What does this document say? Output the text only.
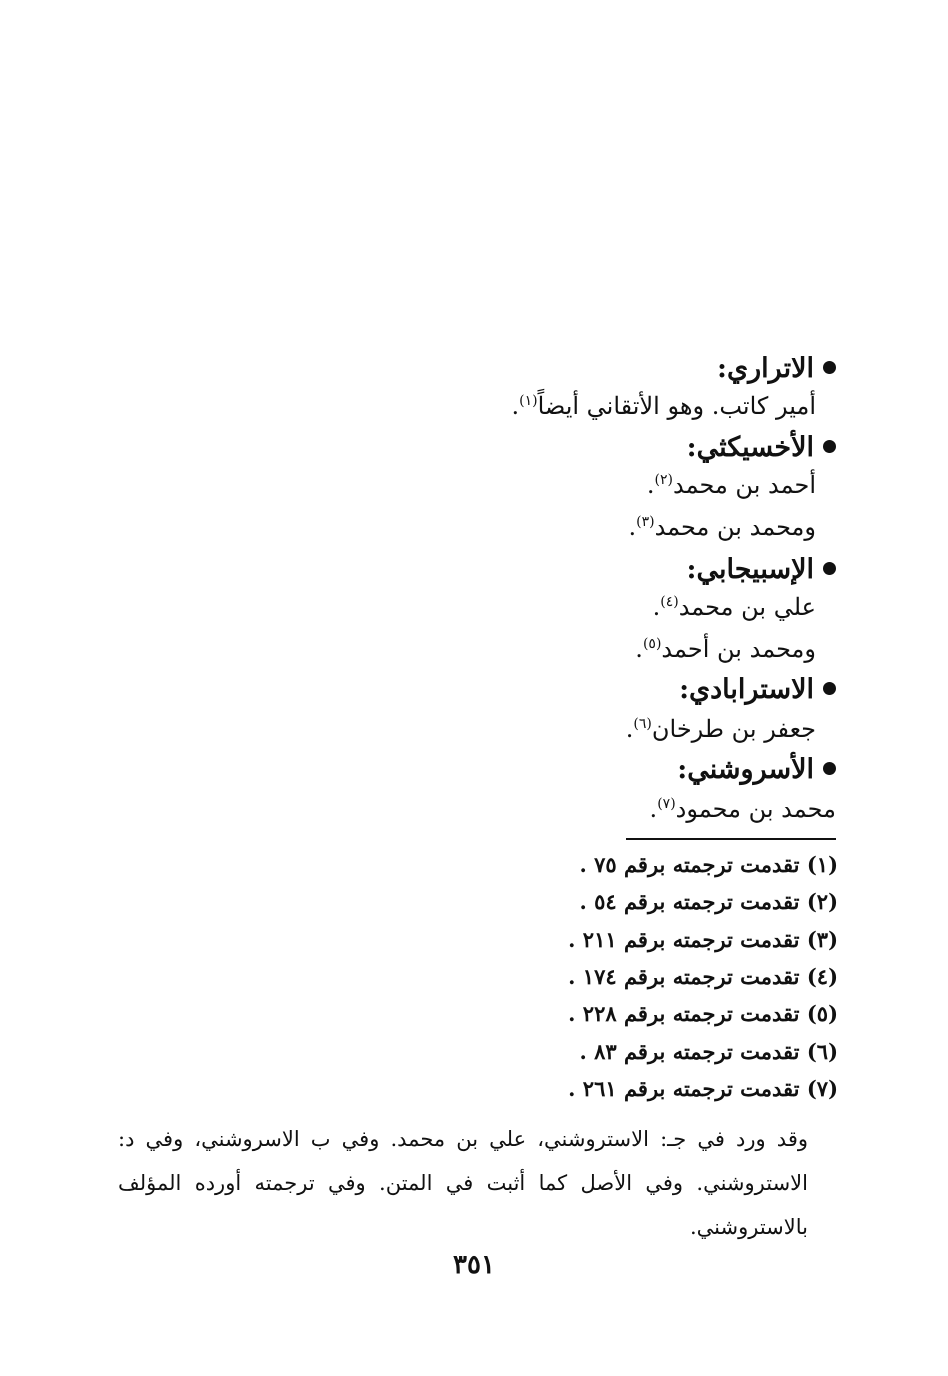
الاتراري:
أمير كاتب. وهو الأتقاني أيضاً$^{(١)}$.
الأخسيكثي:
أحمد بن محمد$^{(٢)}$.
ومحمد بن محمد$^{(٣)}$.
الإسبيجابي:
علي بن محمد$^{(٤)}$.
ومحمد بن أحمد$^{(٥)}$.
الاسترابادي:
جعفر بن طرخان$^{(٦)}$.
الأسروشني:
محمد بن محمود$^{(٧)}$.
(١) تقدمت ترجمته برقم ٧٥ .
(٢) تقدمت ترجمته برقم ٥٤ .
(٣) تقدمت ترجمته برقم ٢١١ .
(٤) تقدمت ترجمته برقم ١٧٤ .
(٥) تقدمت ترجمته برقم ٢٢٨ .
(٦) تقدمت ترجمته برقم ٨٣ .
(٧) تقدمت ترجمته برقم ٢٦١ .
وقد ورد في جـ: الاستروشني، علي بن محمد. وفي ب الاسروشني، وفي د: الاستروشني. وفي الأصل كما أثبت في المتن. وفي ترجمته أورده المؤلف بالاستروشني.
٣٥١
